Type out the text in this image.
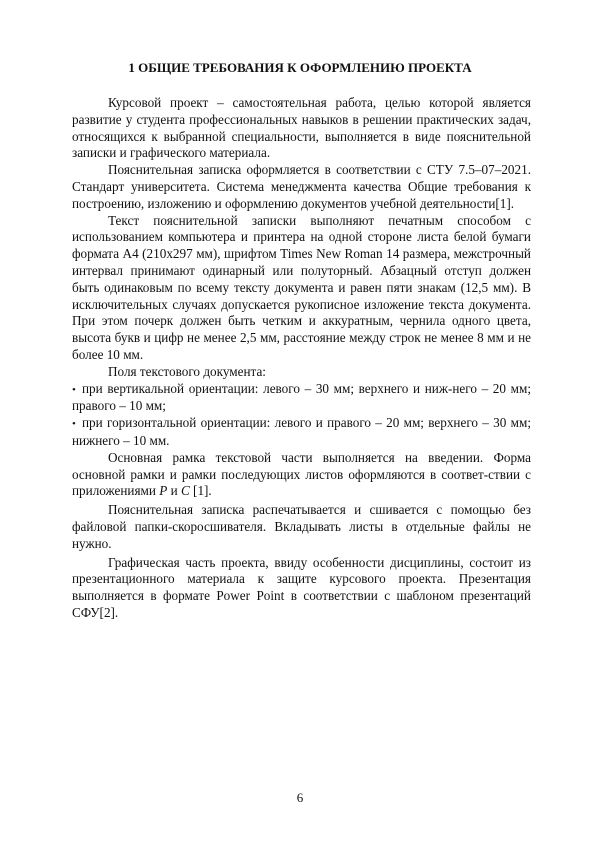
1 ОБЩИЕ ТРЕБОВАНИЯ К ОФОРМЛЕНИЮ ПРОЕКТА

Курсовой проект – самостоятельная работа, целью которой является развитие у студента профессиональных навыков в решении практических задач, относящихся к выбранной специальности, выполняется в виде пояснительной записки и графического материала.

Пояснительная записка оформляется в соответствии с СТУ 7.5–07–2021. Стандарт университета. Система менеджмента качества Общие требования к построению, изложению и оформлению документов учебной деятельности[1].

Текст пояснительной записки выполняют печатным способом с использованием компьютера и принтера на одной стороне листа белой бумаги формата А4 (210х297 мм), шрифтом Times New Roman 14 размера, межстрочный интервал принимают одинарный или полуторный. Абзацный отступ должен быть одинаковым по всему тексту документа и равен пяти знакам (12,5 мм). В исключительных случаях допускается рукописное изложение текста документа. При этом почерк должен быть четким и аккуратным, чернила одного цвета, высота букв и цифр не менее 2,5 мм, расстояние между строк не менее 8 мм и не более 10 мм.

Поля текстового документа:

• при вертикальной ориентации: левого – 30 мм; верхнего и ниж-него – 20 мм; правого – 10 мм;

• при горизонтальной ориентации: левого и правого – 20 мм; верхнего – 30 мм; нижнего – 10 мм.

Основная рамка текстовой части выполняется на введении. Форма основной рамки и рамки последующих листов оформляются в соответ-ствии с приложениями Р и С [1].

Пояснительная записка распечатывается и сшивается с помощью без файловой папки-скоросшивателя. Вкладывать листы в отдельные файлы не нужно.

Графическая часть проекта, ввиду особенности дисциплины, состоит из презентационного материала к защите курсового проекта. Презентация выполняется в формате Power Point в соответствии с шаблоном презентаций СФУ[2].

6
